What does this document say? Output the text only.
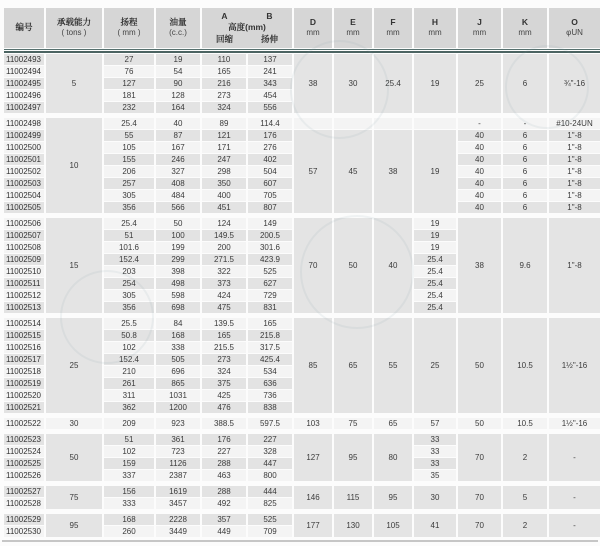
编号	承载能力
( tons )
	扬程
( mm )
	油量
(c.c.)

A	B
高度(mm)
回缩	扬伸
	D
mm
	E
mm
	F
mm
	H
mm
	J
mm
	K
mm
	O
φUN

11002493	5	27	19	110	137	38	30	25.4	19	25	6	¾"-16
11002494		76	54	165	241							
11002495		127	90	216	343							
11002496		181	128	273	454							
11002497		232	164	324	556							

11002498	10	25.4	40	89	114.4					-	-	#10-24UN
11002499		55	87	121	176	57	45	38	19	40	6	1"-8
11002500		105	167	171	276					40	6	1"-8
11002501		155	246	247	402					40	6	1"-8
11002502		206	327	298	504					40	6	1"-8
11002503		257	408	350	607					40	6	1"-8
11002504		305	484	400	705					40	6	1"-8
11002505		356	566	451	807					40	6	1"-8

11002506	15	25.4	50	124	149	70	50	40	19	38	9.6	1"-8
11002507		51	100	149.5	200.5				19			
11002508		101.6	199	200	301.6				19			
11002509		152.4	299	271.5	423.9				25.4			
11002510		203	398	322	525				25.4			
11002511		254	498	373	627				25.4			
11002512		305	598	424	729				25.4			
11002513		356	698	475	831				25.4			

11002514	25	25.5	84	139.5	165	85	65	55	25	50	10.5	1½"-16
11002515		50.8	168	165	215.8							
11002516		102	338	215.5	317.5							
11002517		152.4	505	273	425.4							
11002518		210	696	324	534							
11002519		261	865	375	636							
11002520		311	1031	425	736							
11002521		362	1200	476	838							

11002522	30	209	923	388.5	597.5	103	75	65	57	50	10.5	1½"-16

11002523	50	51	361	176	227	127	95	80	33	70	2	-
11002524		102	723	227	328				33			
11002525		159	1126	288	447				33			
11002526		337	2387	463	800				35			

11002527	75	156	1619	288	444	146	115	95	30	70	5	-
11002528		333	3457	492	825							

11002529	95	168	2228	357	525	177	130	105	41	70	2	-
11002530		260	3449	449	709							
